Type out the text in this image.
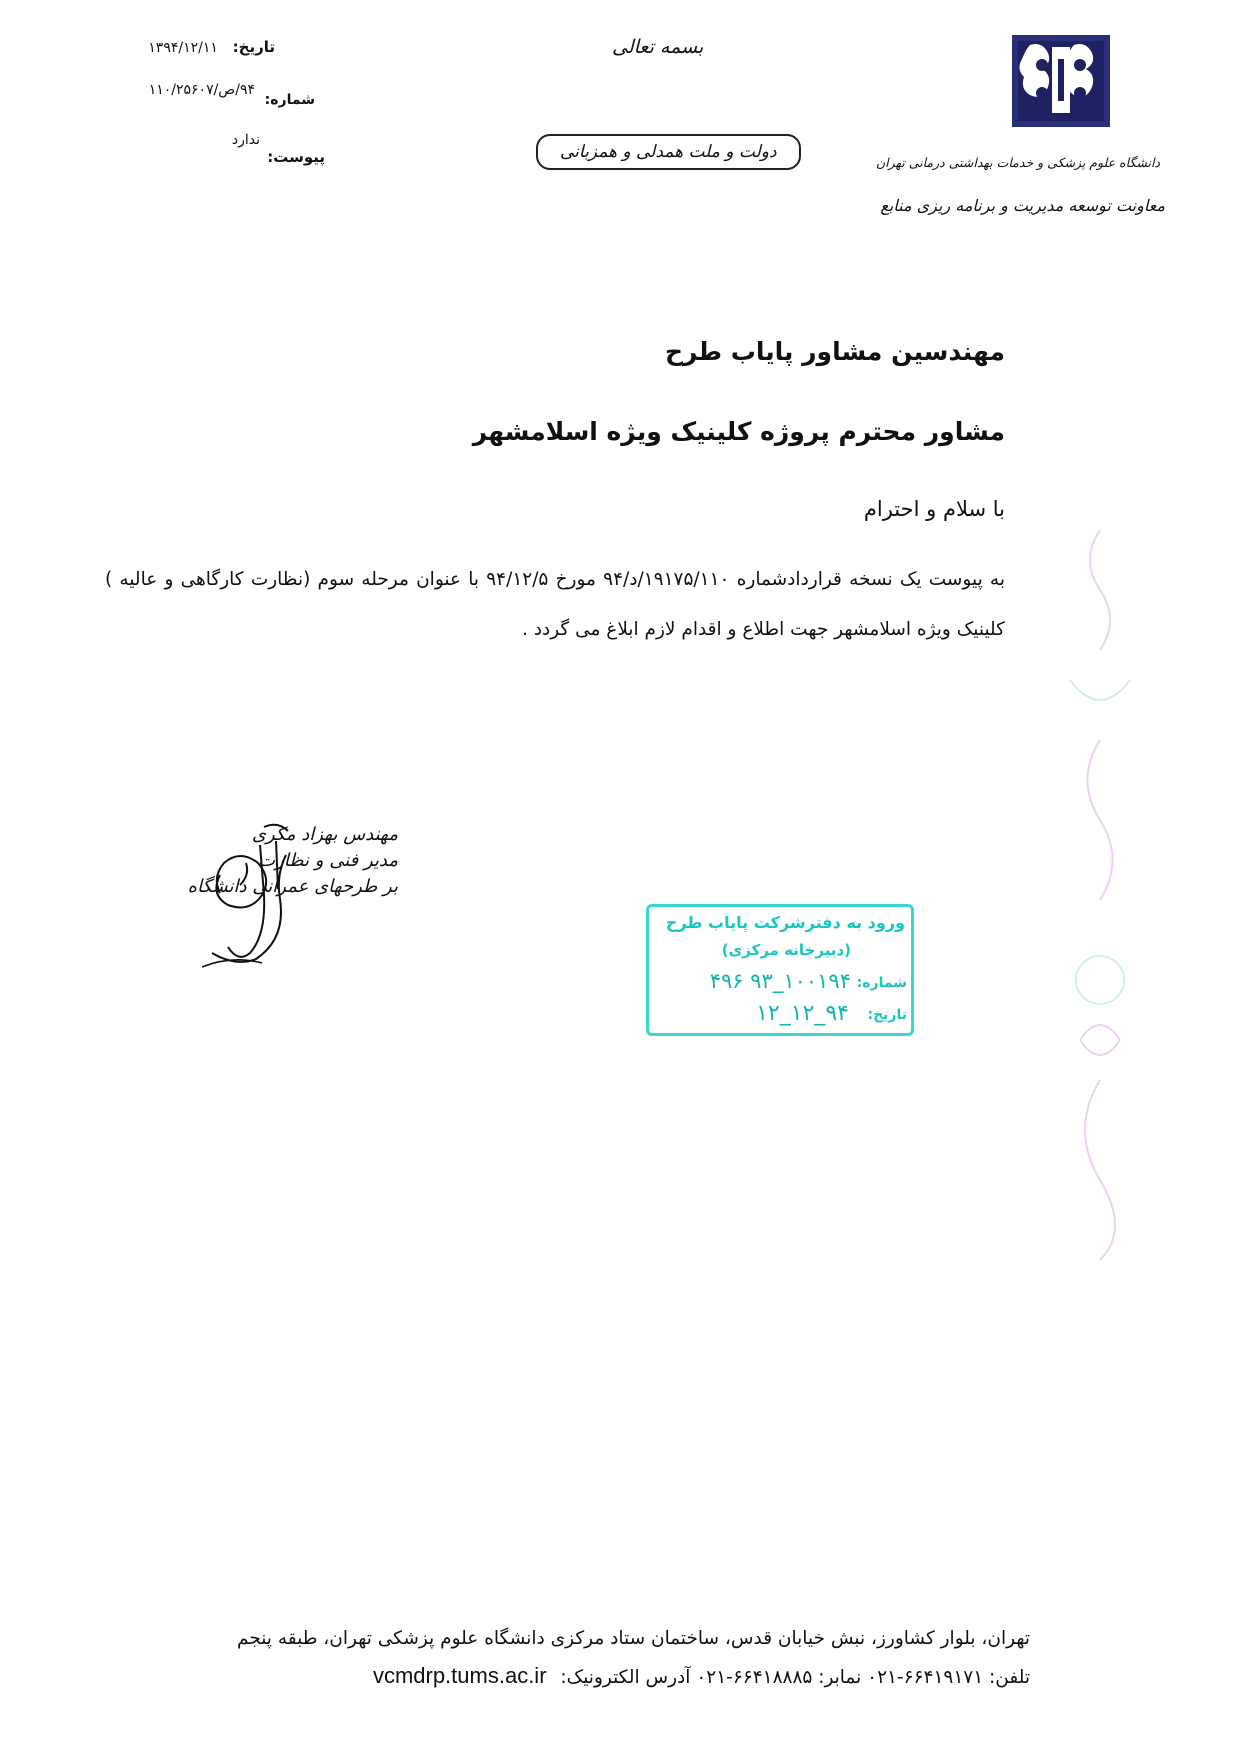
تاریخ: ۱۳۹۴/۱۲/۱۱
شماره:
۹۴/ص/۱۱۰/۲۵۶۰۷
پیوست:
ندارد
بسمه تعالی
دولت و ملت همدلی و همزبانی
دانشگاه علوم پزشکی و خدمات بهداشتی درمانی تهران
معاونت توسعه مدیریت و برنامه ریزی منابع
مهندسین مشاور پایاب طرح
مشاور محترم پروژه کلینیک ویژه اسلامشهر
با سلام و احترام
به پیوست یک نسخه قراردادشماره ۱۹۱۷۵/۱۱۰/د/۹۴ مورخ ۹۴/۱۲/۵ با عنوان مرحله سوم (نظارت کارگاهی و عالیه ) کلینیک ویژه اسلامشهر جهت اطلاع و اقدام لازم ابلاغ می گردد .
مهندس بهزاد مکری
مدیر فنی و نظارت
بر طرحهای عمرانی دانشگاه
ورود به دفترشرکت پایاب طرح
(دبیرخانه مرکزی)
شماره:
۱۰۰۱۹۴_۹۳ ۴۹۶
تاریخ:
۹۴_۱۲_۱۲
تهران، بلوار کشاورز، نبش خیابان قدس، ساختمان ستاد مرکزی دانشگاه علوم پزشکی تهران، طبقه پنجم
تلفن: ۶۶۴۱۹۱۷۱-۰۲۱ نمابر: ۶۶۴۱۸۸۸۵-۰۲۱ آدرس الکترونیک: vcmdrp.tums.ac.ir
